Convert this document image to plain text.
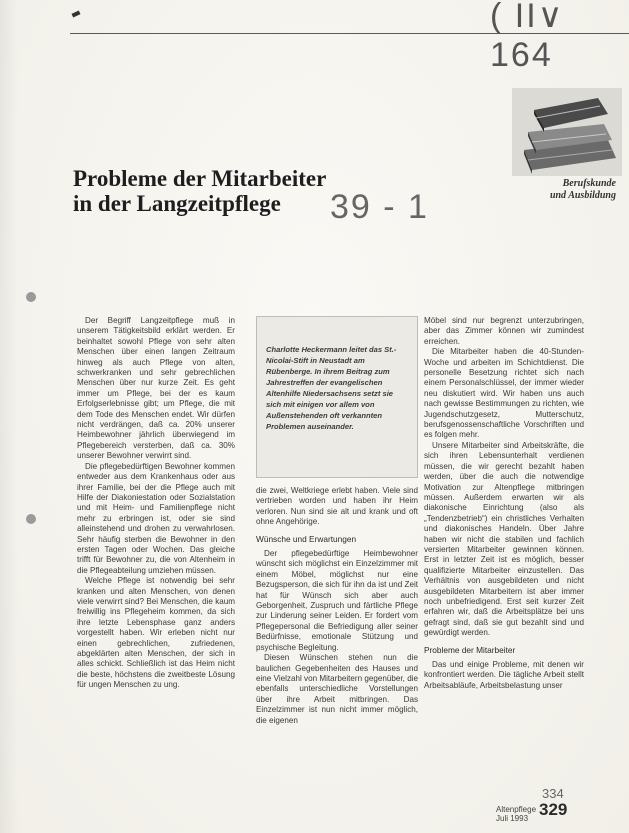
( ΙΙ∨ 164
Probleme der Mitarbeiter
in der Langzeitpflege	39 - 1
Berufskunde
und Ausbildung

Der Begriff Langzeitpflege muß in unserem Tätigkeitsbild erklärt werden. Er beinhaltet sowohl Pflege von sehr alten Menschen über einen langen Zeitraum hinweg als auch Pflege von alten, schwerkranken und sehr gebrechlichen Menschen über nur kurze Zeit. Es geht immer um Pflege, bei der es kaum Erfolgserlebnisse gibt; um Pflege, die mit dem Tode des Menschen endet. Wir dürfen nicht verdrängen, daß ca. 20% unserer Heimbewohner jährlich überwiegend im Pflegebereich versterben, daß ca. 30% unserer Bewohner verwirrt sind.

Die pflegebedürftigen Bewohner kommen entweder aus dem Krankenhaus oder aus ihrer Familie, bei der die Pflege auch mit Hilfe der Diakoniestation oder Sozialstation und mit Heim- und Familienpflege nicht mehr zu erbringen ist, oder sie sind alleinstehend und drohen zu verwahrlosen. Sehr häufig sterben die Bewohner in den ersten Tagen oder Wochen. Das gleiche trifft für Bewohner zu, die von Altenheim in die Pflegeabteilung umziehen müssen.

Welche Pflege ist notwendig bei sehr kranken und alten Menschen, von denen viele verwirrt sind? Bei Menschen, die kaum freiwillig ins Pflegeheim kommen, da sich ihre letzte Lebensphase ganz anders vorgestellt haben. Wir erleben nicht nur einen gebrechlichen, zufriedenen, abgeklärten alten Menschen, der sich in alles schickt. Schließlich ist das Heim nicht die beste, höchstens die zweitbeste Lösung für ungen Menschen zu ung.

Charlotte Heckermann leitet das St.-Nicolai-Stift in Neustadt am Rübenberge. In ihrem Beitrag zum Jahrestreffen der evangelischen Altenhilfe Niedersachsens setzt sie sich mit einigen vor allem von Außenstehenden oft verkannten Problemen auseinander.

die zwei, Weltkriege erlebt haben. Viele sind vertrieben worden und haben ihr Heim verloren. Nun sind sie alt und krank und oft ohne Angehörige.

Wünsche und Erwartungen

Der pflegebedürftige Heimbewohner wünscht sich möglichst ein Einzelzimmer mit einem Möbel, möglichst nur eine Bezugsperson, die sich für ihn da ist und Zeit hat für Wünsch sich aber auch Geborgenheit, Zuspruch und färtliche Pflege zur Linderung seiner Leiden. Er fordert vom Pflegepersonal die Befriedigung aller seiner Bedürfnisse, emotionale Stützung und psychische Begleitung.

Diesen Wünschen stehen nun die baulichen Gegebenheiten des Hauses und eine Vielzahl von Mitarbeitern gegenüber, die ebenfalls unterschiedliche Vorstellungen über ihre Arbeit mitbringen. Das Einzelzimmer ist nun nicht immer möglich, die eigenen

Möbel sind nur begrenzt unterzubringen, aber das Zimmer können wir zumindest erreichen.

Die Mitarbeiter haben die 40-Stunden-Woche und arbeiten im Schichtdienst. Die personelle Besetzung richtet sich nach einem Personalschlüssel, der immer wieder neu diskutiert wird. Wir haben uns auch nach gewisse Bestimmungen zu richten, wie Jugendschutzgesetz, Mutterschutz, berufsgenossenschaftliche Vorschriften und es folgen mehr.

Unsere Mitarbeiter sind Arbeitskräfte, die sich ihren Lebensunterhalt verdienen müssen, die wir gerecht bezahlt haben werden, über die auch die notwendige Motivation zur Altenpflege mitbringen müssen. Außerdem erwarten wir als diakonische Einrichtung (also als „Tendenzbetrieb“) ein christliches Verhalten und diakonisches Handeln. Über Jahre haben wir nicht die stabilen und fachlich versierten Mitarbeiter gewinnen können. Erst in letzter Zeit ist es möglich, besser qualifizierte Mitarbeiter einzustellen. Das Verhältnis von ausgebildeten und nicht ausgebildeten Mitarbeitern ist aber immer noch unbefriedigend. Erst seit kurzer Zeit erfahren wir, daß die Arbeitsplätze bei uns gefragt sind, daß sie gut bezahlt sind und gewürdigt werden.

Probleme der Mitarbeiter

Das und einige Probleme, mit denen wir konfrontiert werden. Die tägliche Arbeit stellt Arbeitsabläufe, Arbeitsbelastung unser

334
Altenpflege
Juli 1993 329
